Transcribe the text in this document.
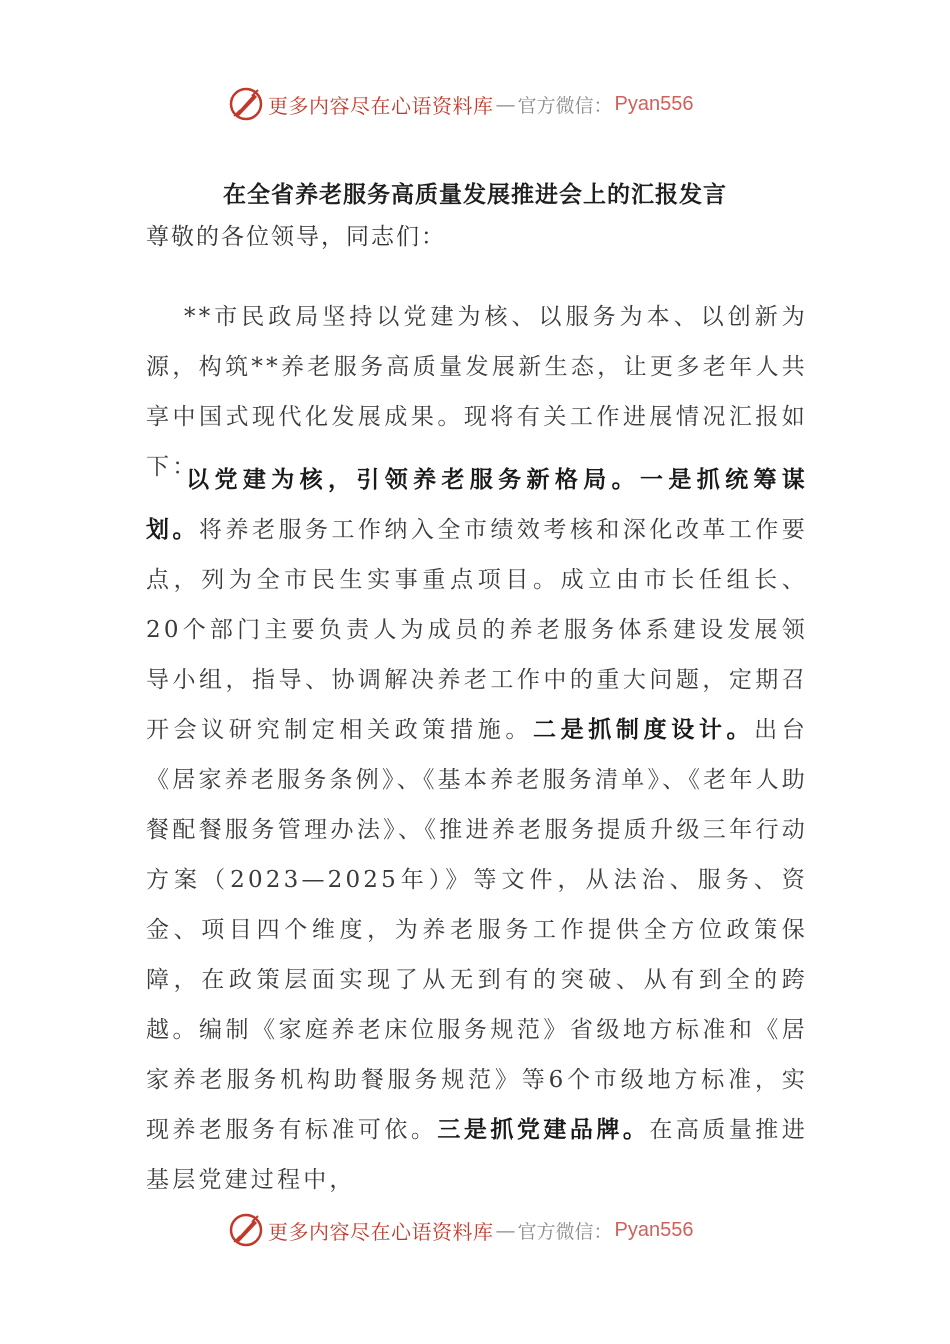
更多内容尽在心语资料库 — 官方微信： Pyan556
在全省养老服务高质量发展推进会上的汇报发言
尊敬的各位领导，同志们：

**市民政局坚持以党建为核、以服务为本、以创新为源，构筑**养老服务高质量发展新生态，让更多老年人共享中国式现代化发展成果。现将有关工作进展情况汇报如下：

以党建为核，引领养老服务新格局。一是抓统筹谋划。将养老服务工作纳入全市绩效考核和深化改革工作要点，列为全市民生实事重点项目。成立由市长任组长、20个部门主要负责人为成员的养老服务体系建设发展领导小组，指导、协调解决养老工作中的重大问题，定期召开会议研究制定相关政策措施。二是抓制度设计。出台《居家养老服务条例》、《基本养老服务清单》、《老年人助餐配餐服务管理办法》、《推进养老服务提质升级三年行动方案（2023—2025年）》等文件，从法治、服务、资金、项目四个维度，为养老服务工作提供全方位政策保障，在政策层面实现了从无到有的突破、从有到全的跨越。编制《家庭养老床位服务规范》省级地方标准和《居家养老服务机构助餐服务规范》等6个市级地方标准，实现养老服务有标准可依。三是抓党建品牌。在高质量推进基层党建过程中，

更多内容尽在心语资料库 — 官方微信： Pyan556
